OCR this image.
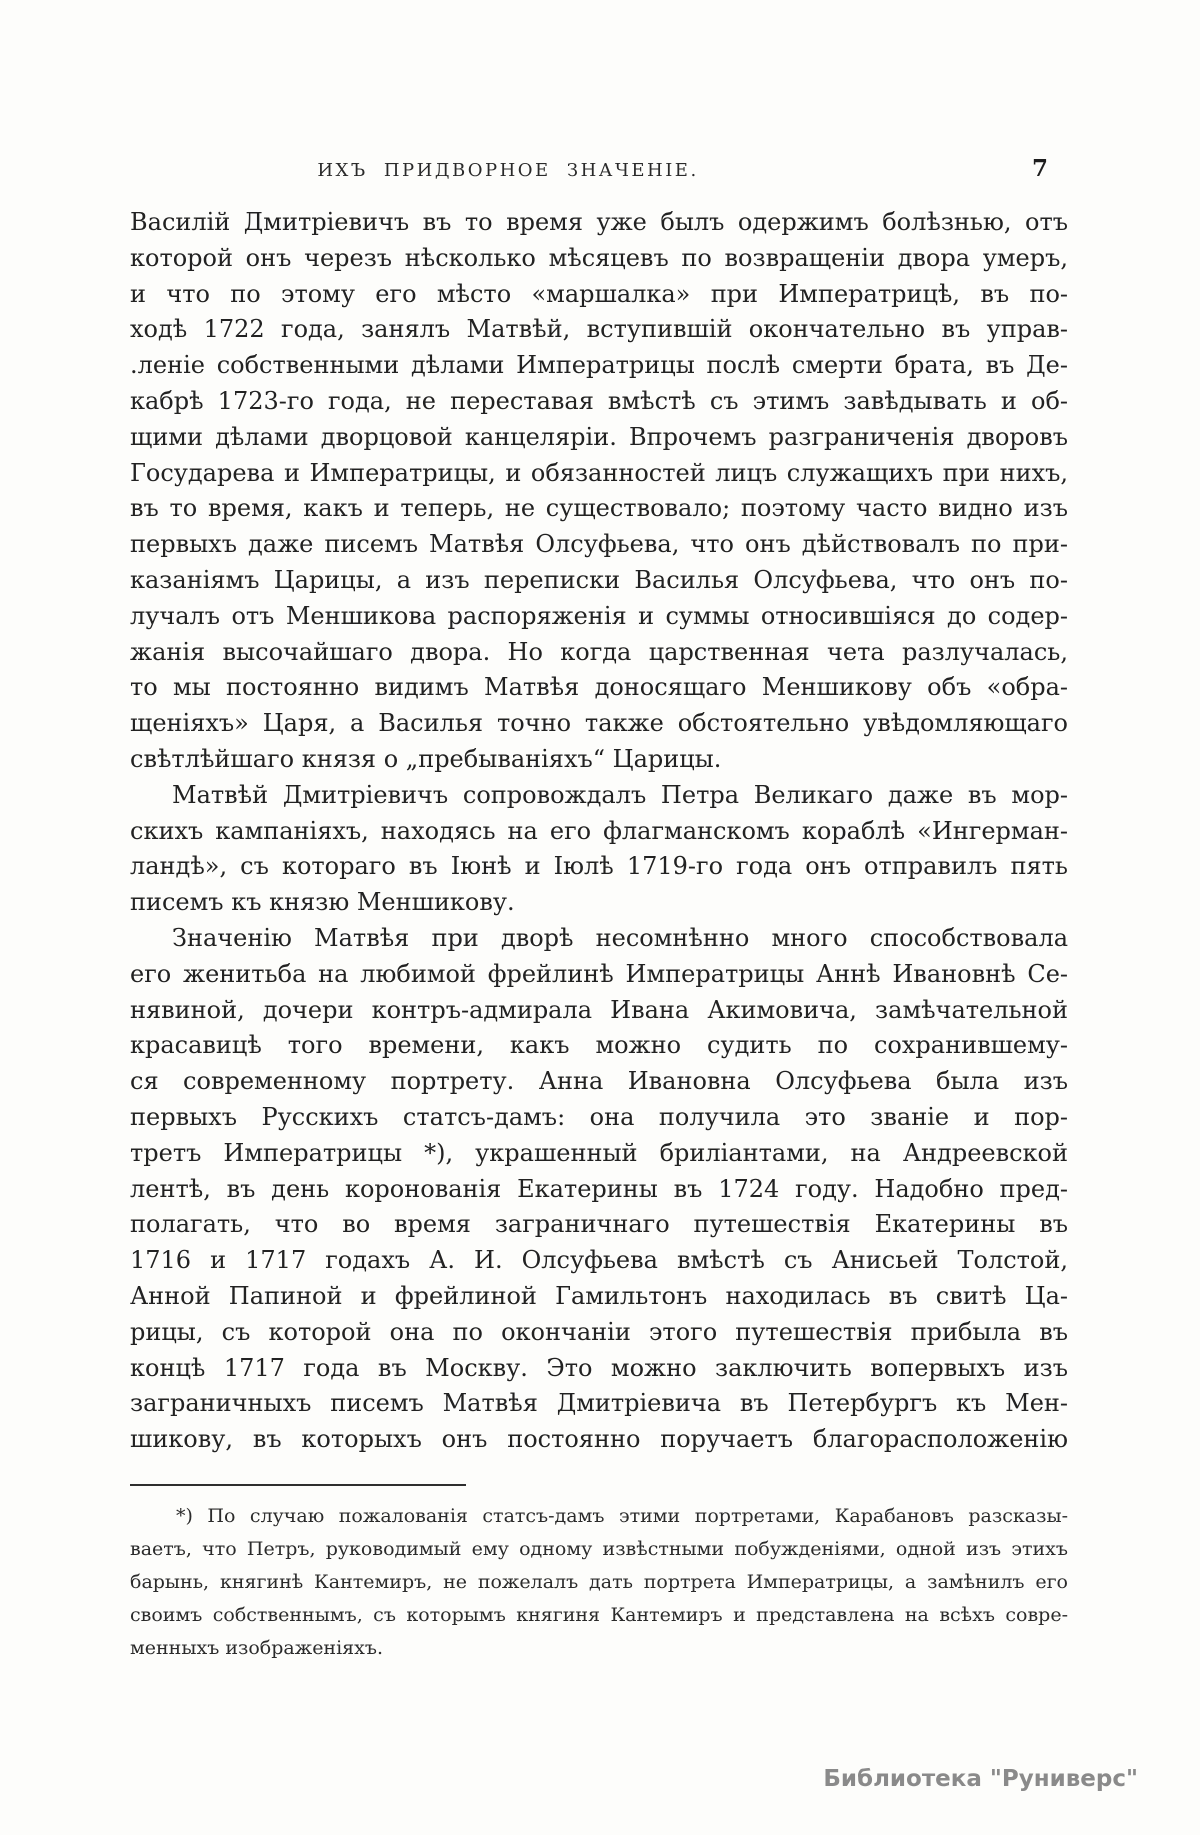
ИХЪ ПРИДВОРНОЕ ЗНАЧЕНІЕ.	7
Василій Дмитріевичъ въ то время уже былъ одержимъ болѣзнью, отъ
которой онъ черезъ нѣсколько мѣсяцевъ по возвращеніи двора умеръ,
и что по этому его мѣсто «маршалка» при Императрицѣ, въ по-
ходѣ 1722 года, занялъ Матвѣй, вступившій окончательно въ управ-
.леніе собственными дѣлами Императрицы послѣ смерти брата, въ Де-
кабрѣ 1723-го года, не переставая вмѣстѣ съ этимъ завѣдывать и об-
щими дѣлами дворцовой канцеляріи. Впрочемъ разграниченія дворовъ
Государева и Императрицы, и обязанностей лицъ служащихъ при нихъ,
въ то время, какъ и теперь, не существовало; поэтому часто видно изъ
первыхъ даже писемъ Матвѣя Олсуфьева, что онъ дѣйствовалъ по при-
казаніямъ Царицы, а изъ переписки Василья Олсуфьева, что онъ по-
лучалъ отъ Меншикова распоряженія и суммы относившіяся до содер-
жанія высочайшаго двора. Но когда царственная чета разлучалась,
то мы постоянно видимъ Матвѣя доносящаго Меншикову объ «обра-
щеніяхъ» Царя, а Василья точно также обстоятельно увѣдомляющаго
свѣтлѣйшаго князя о „пребываніяхъ“ Царицы.
Матвѣй Дмитріевичъ сопровождалъ Петра Великаго даже въ мор-
скихъ кампаніяхъ, находясь на его флагманскомъ кораблѣ «Ингерман-
ландѣ», съ котораго въ Іюнѣ и Іюлѣ 1719-го года онъ отправилъ пять
писемъ къ князю Меншикову.
Значенію Матвѣя при дворѣ несомнѣнно много способствовала
его женитьба на любимой фрейлинѣ Императрицы Аннѣ Ивановнѣ Се-
нявиной, дочери контръ-адмирала Ивана Акимовича, замѣчательной
красавицѣ того времени, какъ можно судить по сохранившему-
ся современному портрету. Анна Ивановна Олсуфьева была изъ
первыхъ Русскихъ статсъ-дамъ: она получила это званіе и пор-
третъ Императрицы *), украшенный бриліантами, на Андреевской
лентѣ, въ день коронованія Екатерины въ 1724 году. Надобно пред-
полагать, что во время заграничнаго путешествія Екатерины въ
1716 и 1717 годахъ А. И. Олсуфьева вмѣстѣ съ Анисьей Толстой,
Анной Папиной и фрейлиной Гамильтонъ находилась въ свитѣ Ца-
рицы, съ которой она по окончаніи этого путешествія прибыла въ
концѣ 1717 года въ Москву. Это можно заключить вопервыхъ изъ
заграничныхъ писемъ Матвѣя Дмитріевича въ Петербургъ къ Мен-
шикову, въ которыхъ онъ постоянно поручаетъ благорасположенію
*) По случаю пожалованія статсъ-дамъ этими портретами, Карабановъ разсказы-
ваетъ, что Петръ, руководимый ему одному извѣстными побужденіями, одной изъ этихъ
барынь, княгинѣ Кантемиръ, не пожелалъ дать портрета Императрицы, а замѣнилъ его
своимъ собственнымъ, съ которымъ княгиня Кантемиръ и представлена на всѣхъ совре-
менныхъ изображеніяхъ.
Библиотека "Руниверс"
